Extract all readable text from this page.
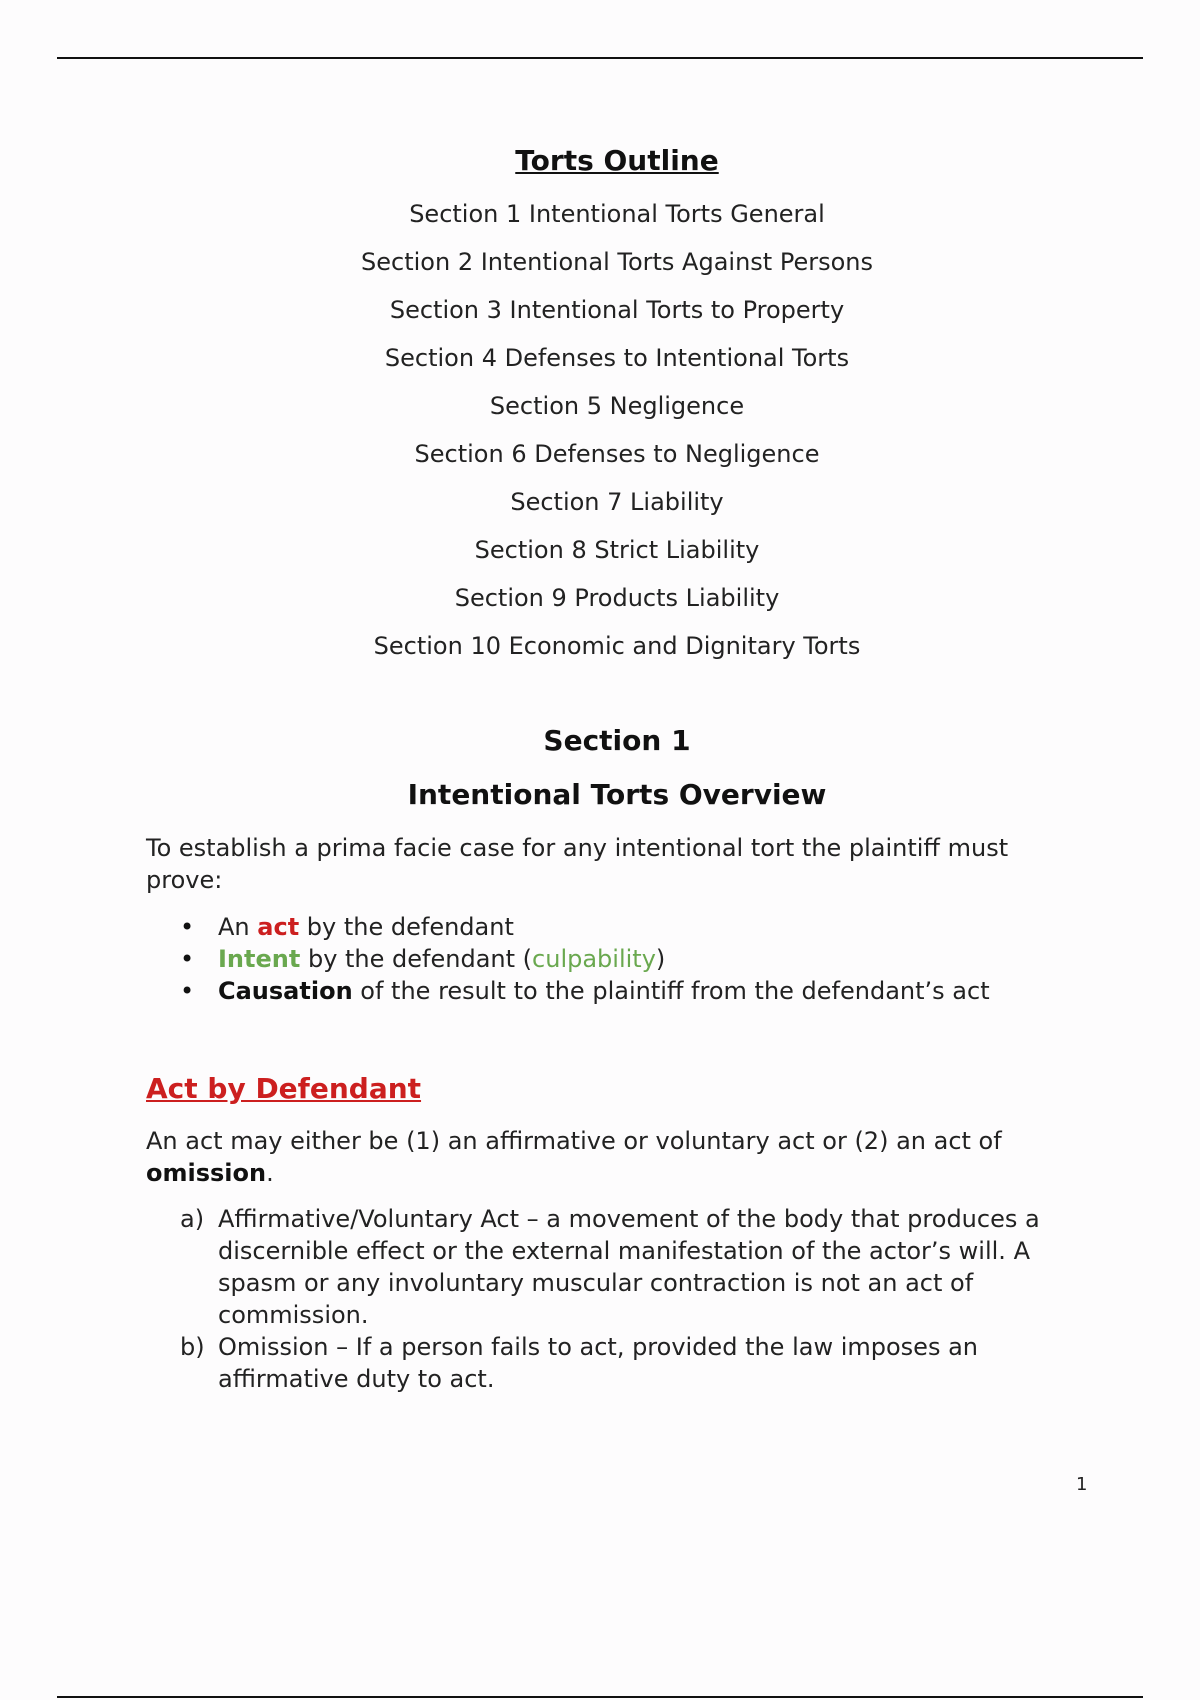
Torts Outline
Section 1 Intentional Torts General
Section 2 Intentional Torts Against Persons
Section 3 Intentional Torts to Property
Section 4 Defenses to Intentional Torts
Section 5 Negligence
Section 6 Defenses to Negligence
Section 7 Liability
Section 8 Strict Liability
Section 9 Products Liability
Section 10 Economic and Dignitary Torts
Section 1
Intentional Torts Overview

To establish a prima facie case for any intentional tort the plaintiff must prove:

• An act by the defendant
• Intent by the defendant (culpability)
• Causation of the result to the plaintiff from the defendant’s act
Act by Defendant

An act may either be (1) an affirmative or voluntary act or (2) an act of omission.

a) Affirmative/Voluntary Act – a movement of the body that produces a discernible effect or the external manifestation of the actor’s will. A spasm or any involuntary muscular contraction is not an act of commission.
b) Omission – If a person fails to act, provided the law imposes an affirmative duty to act.
1
